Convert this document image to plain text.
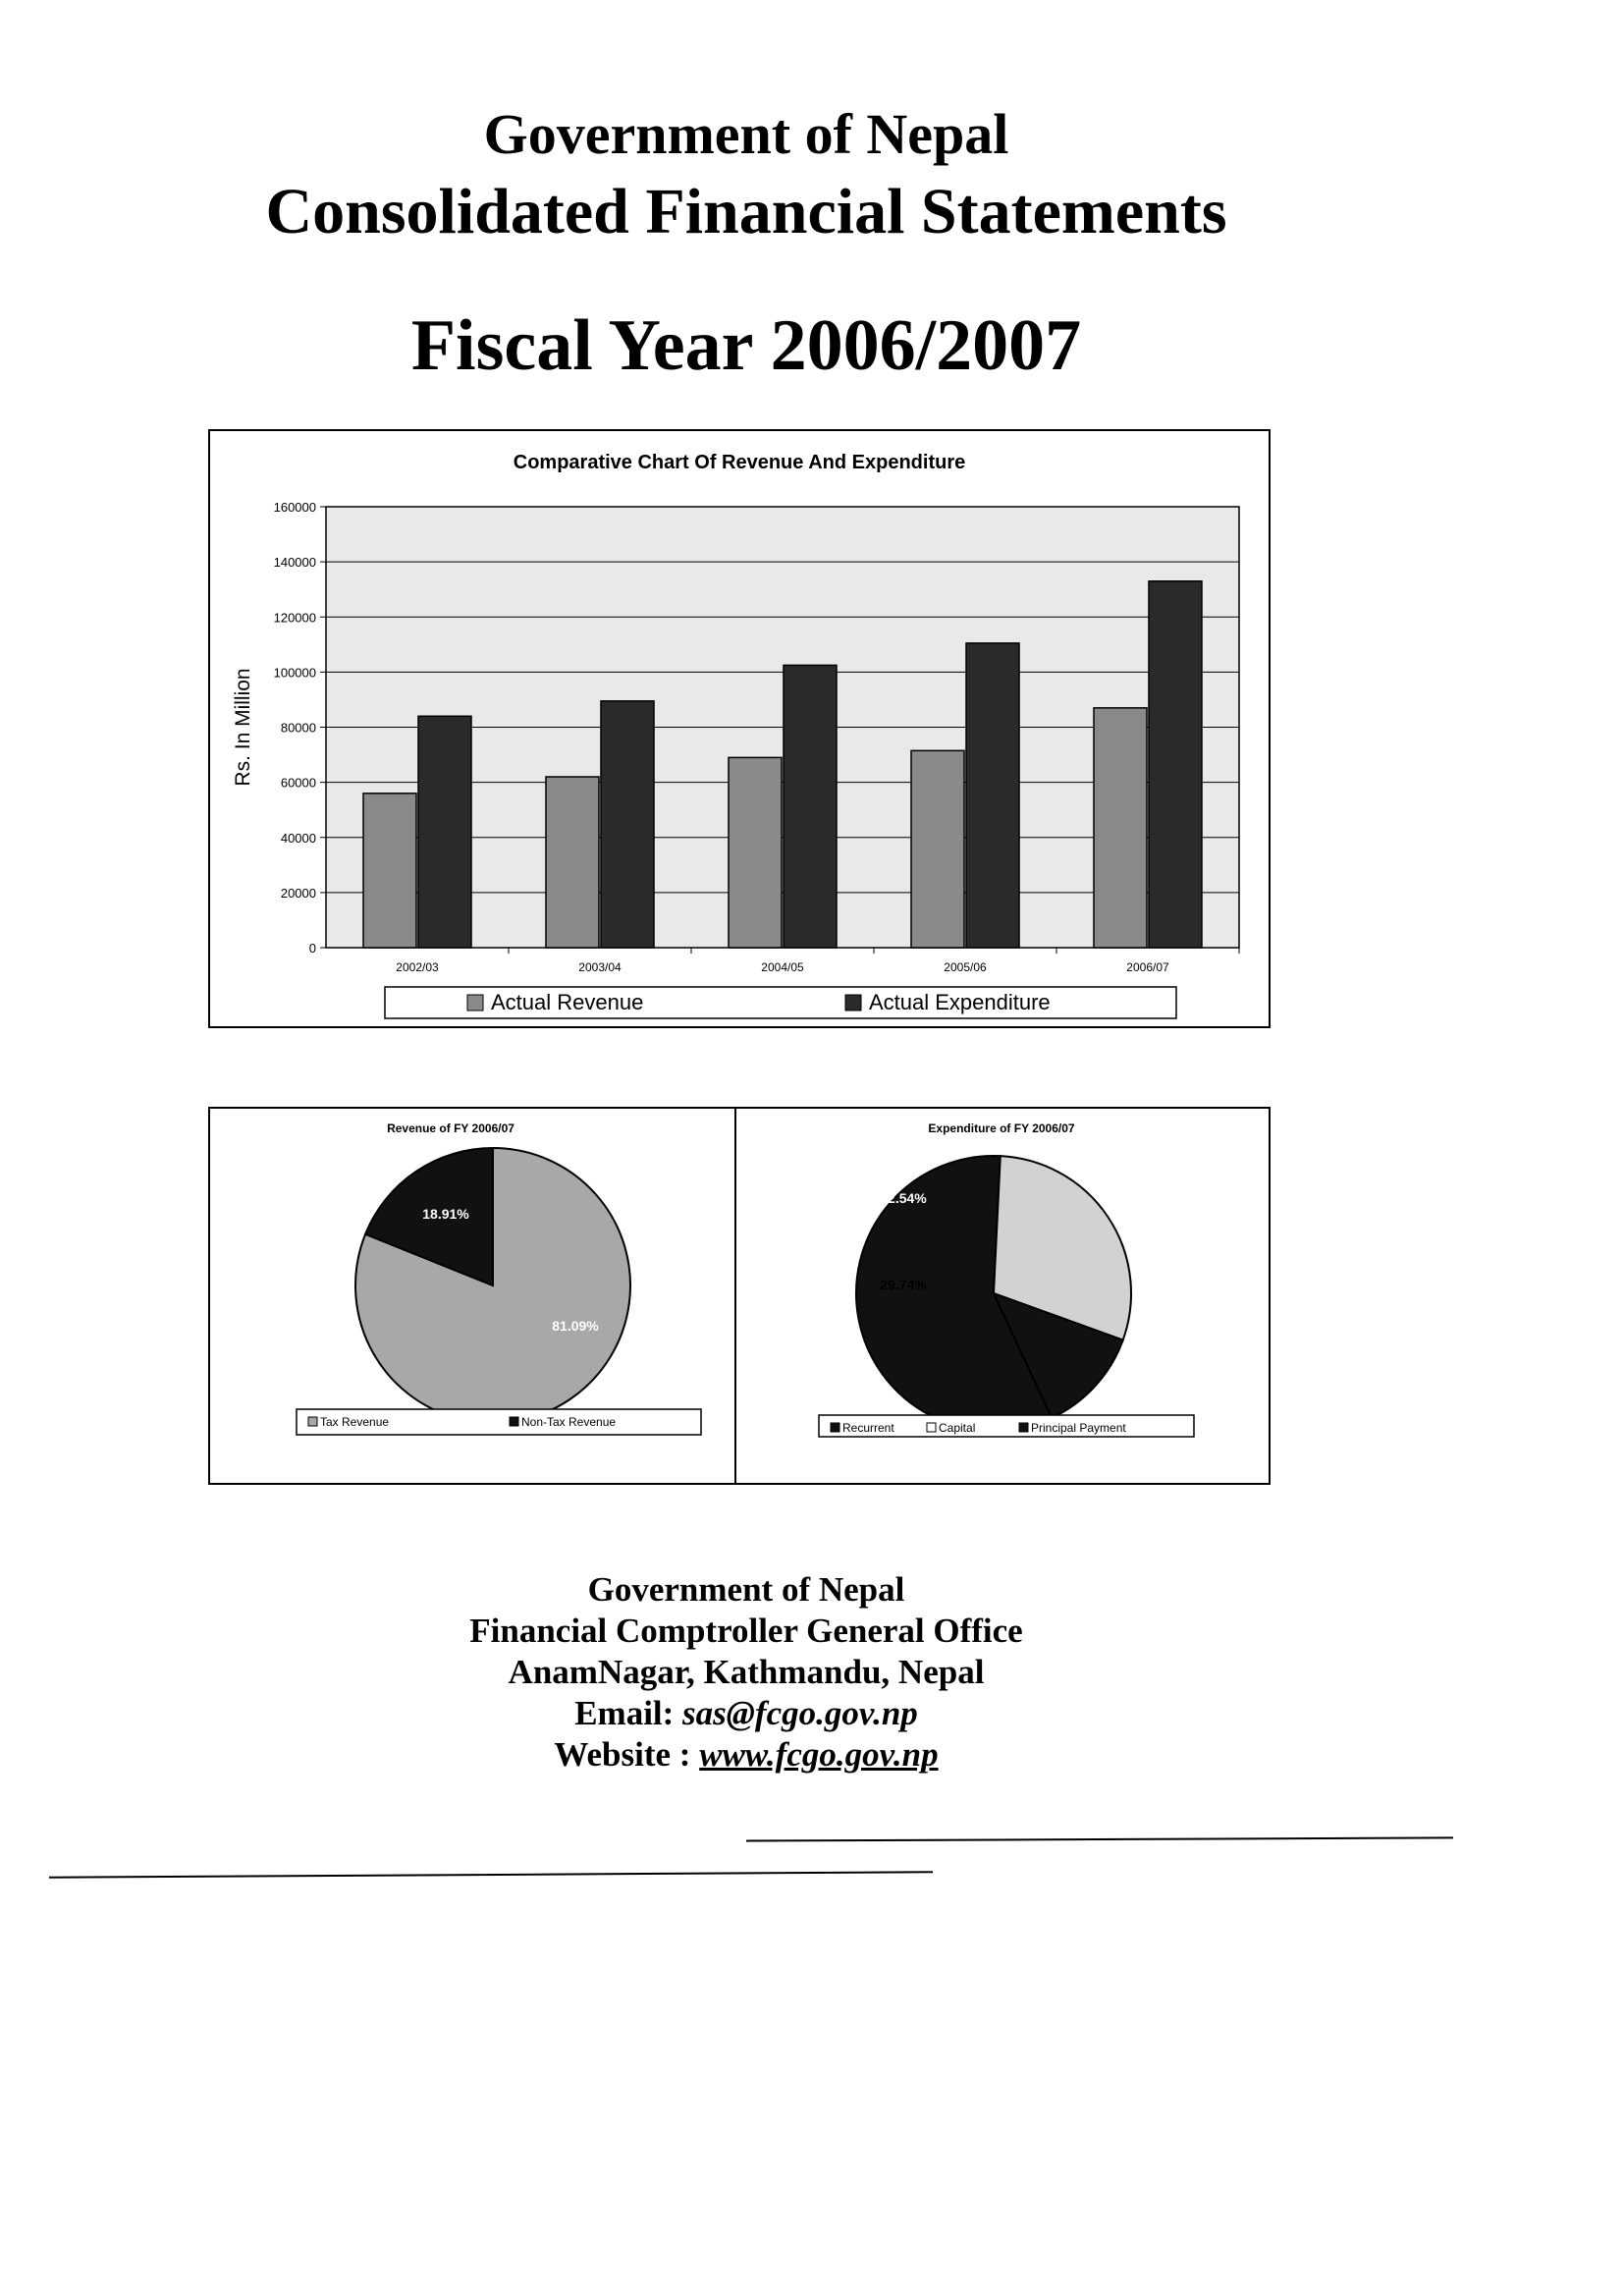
Government of Nepal
Consolidated Financial Statements
Fiscal Year 2006/2007
Comparative Chart Of Revenue And Expenditure
0
20000
40000
60000
80000
100000
120000
140000
160000
Rs. In Million
2002/03	2003/04	2004/05	2005/06	2006/07
Actual Revenue	Actual Expenditure
Revenue of FY 2006/07
81.09%
18.91%
Tax Revenue	Non-Tax Revenue
Expenditure of FY 2006/07
29.74%
12.54%
Recurrent	Capital	Principal Payment
Government of Nepal
Financial Comptroller General Office
AnamNagar, Kathmandu, Nepal
Email: sas@fcgo.gov.np
Website : www.fcgo.gov.np
